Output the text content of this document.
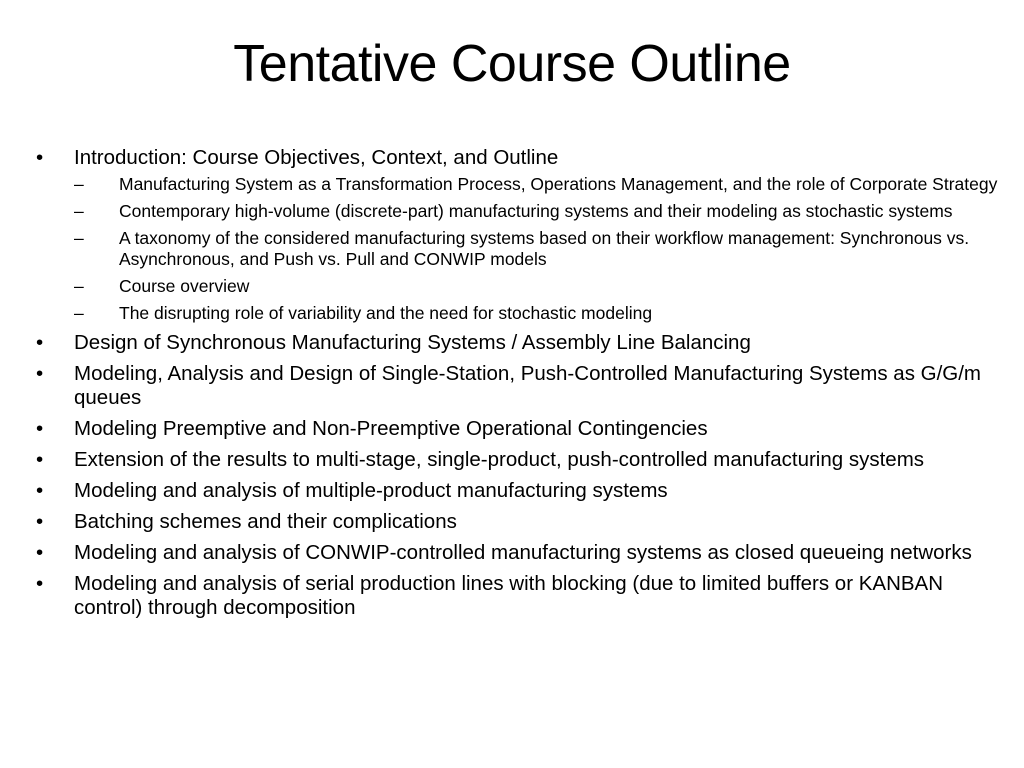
Tentative Course Outline
•	Introduction: Course Objectives, Context, and Outline
–	Manufacturing System as a Transformation Process, Operations Management, and the role of Corporate Strategy
–	Contemporary high-volume (discrete-part) manufacturing systems and their modeling as stochastic systems
–	A taxonomy of the considered manufacturing systems based on their workflow management: Synchronous vs. Asynchronous, and Push vs. Pull and CONWIP models
–	Course overview
–	The disrupting role of variability and the need for stochastic modeling
•	Design of Synchronous Manufacturing Systems / Assembly Line Balancing
•	Modeling, Analysis and Design of Single-Station, Push-Controlled Manufacturing Systems as G/G/m queues
•	Modeling Preemptive and Non-Preemptive Operational Contingencies
•	Extension of the results to multi-stage, single-product, push-controlled manufacturing systems
•	Modeling and analysis of multiple-product manufacturing systems
•	Batching schemes and their complications
•	Modeling and analysis of CONWIP-controlled manufacturing systems as closed queueing networks
•	Modeling and analysis of serial production lines with blocking (due to limited buffers or KANBAN control) through decomposition
